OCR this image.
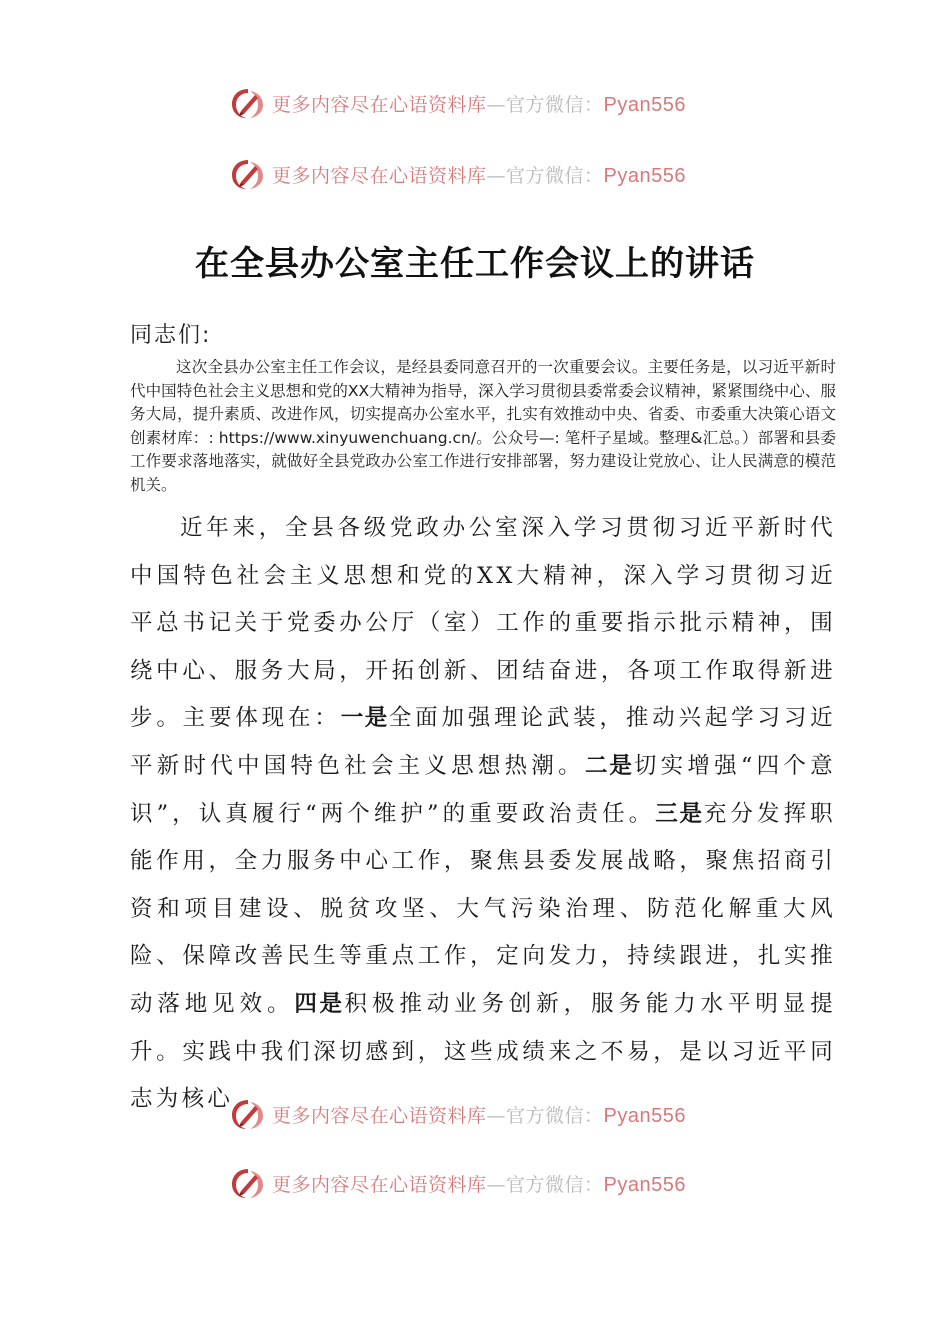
更多内容尽在心语资料库—官方微信：Pyan556
更多内容尽在心语资料库—官方微信：Pyan556
在全县办公室主任工作会议上的讲话
同志们:

这次全县办公室主任工作会议，是经县委同意召开的一次重要会议。主要任务是，以习近平新时代中国特色社会主义思想和党的XX大精神为指导，深入学习贯彻县委常委会议精神，紧紧围绕中心、服务大局，提升素质、改进作风，切实提高办公室水平，扎实有效推动中央、省委、市委重大决策心语文创素材库：: https://www.xinyuwenchuang.cn/。公众号—: 笔杆子星域。整理&汇总。）部署和县委工作要求落地落实，就做好全县党政办公室工作进行安排部署，努力建设让党放心、让人民满意的模范机关。

近年来，全县各级党政办公室深入学习贯彻习近平新时代中国特色社会主义思想和党的XX大精神，深入学习贯彻习近平总书记关于党委办公厅（室）工作的重要指示批示精神，围绕中心、服务大局，开拓创新、团结奋进，各项工作取得新进步。主要体现在：一是全面加强理论武装，推动兴起学习习近平新时代中国特色社会主义思想热潮。二是切实增强“四个意识”，认真履行“两个维护”的重要政治责任。三是充分发挥职能作用，全力服务中心工作，聚焦县委发展战略，聚焦招商引资和项目建设、脱贫攻坚、大气污染治理、防范化解重大风险、保障改善民生等重点工作，定向发力，持续跟进，扎实推动落地见效。四是积极推动业务创新，服务能力水平明显提升。实践中我们深切感到，这些成绩来之不易，是以习近平同志为核心

更多内容尽在心语资料库—官方微信：Pyan556
更多内容尽在心语资料库—官方微信：Pyan556
